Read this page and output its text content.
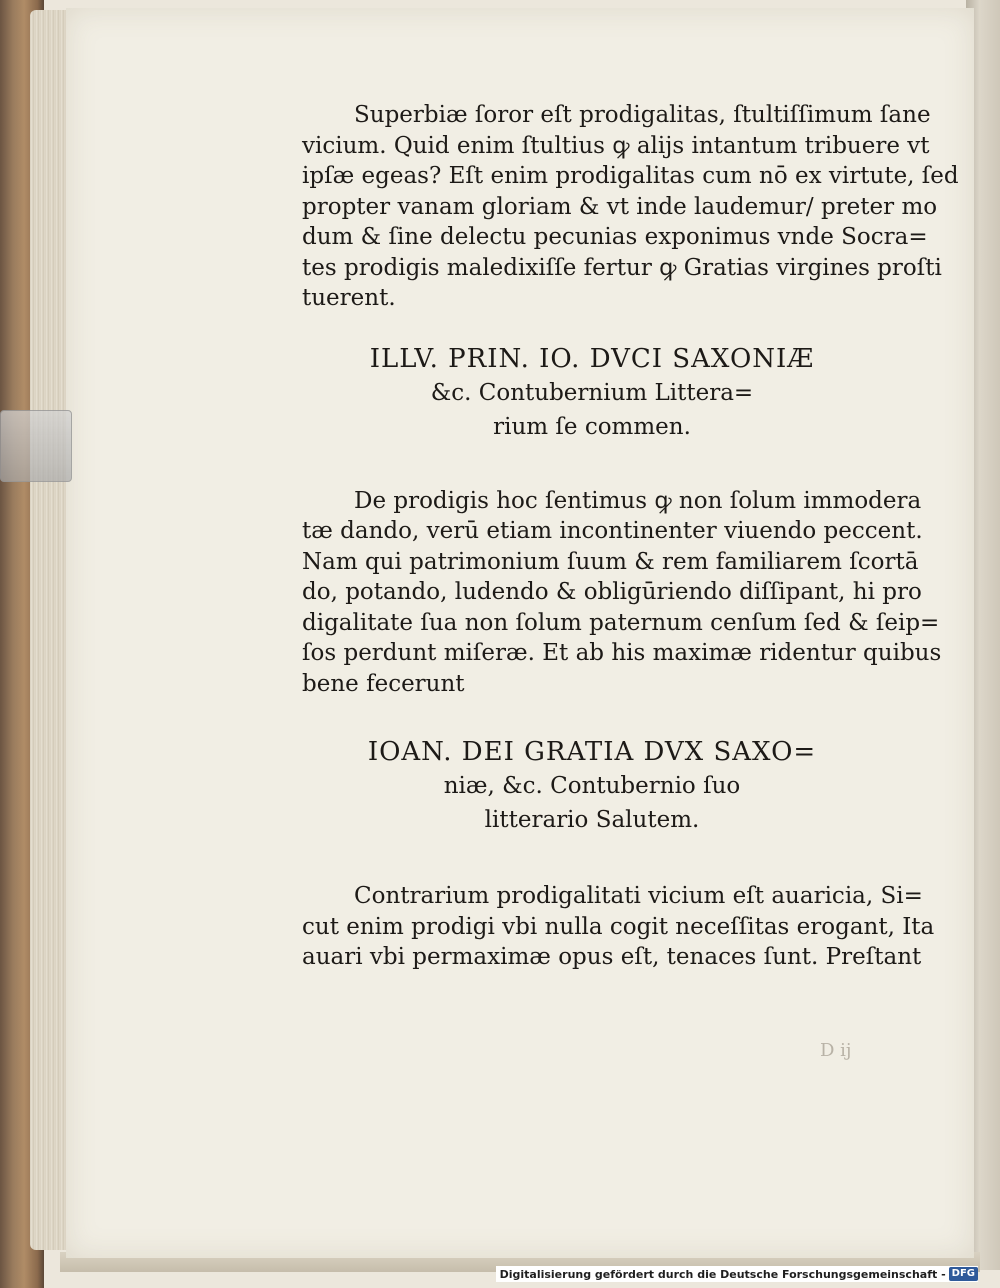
Superbiæ ſoror eſt prodigalitas, ſtultiſſimum ſane
vicium. Quid enim ſtultius ꝙ alijs intantum tribuere vt
ipſæ egeas? Eſt enim prodigalitas cum nō ex virtute, ſed
propter vanam gloriam & vt inde laudemur/ preter mo
dum & ſine delectu pecunias exponimus vnde Socra=
tes prodigis maledixiſſe fertur ꝙ Gratias virgines proſti
tuerent.

ILLV. PRIN. IO. DVCI SAXONIÆ
&c. Contubernium Littera=
rium ſe commen.

De prodigis hoc ſentimus ꝙ non ſolum immodera
tæ dando, verū etiam incontinenter viuendo peccent.
Nam qui patrimonium ſuum & rem familiarem ſcortā
do, potando, ludendo & obligūriendo diſſipant, hi pro
digalitate ſua non ſolum paternum cenſum ſed & ſeip=
ſos perdunt miſeræ. Et ab his maximæ ridentur quibus
bene fecerunt

IOAN. DEI GRATIA DVX SAXO=
niæ, &c. Contubernio ſuo
litterario Salutem.

Contrarium prodigalitati vicium eſt auaricia, Si=
cut enim prodigi vbi nulla cogit neceſſitas erogant, Ita
auari vbi permaximæ opus eſt, tenaces ſunt. Preſtant

D ij
Digitalisierung gefördert durch die Deutsche Forschungsgemeinschaft - DFG
